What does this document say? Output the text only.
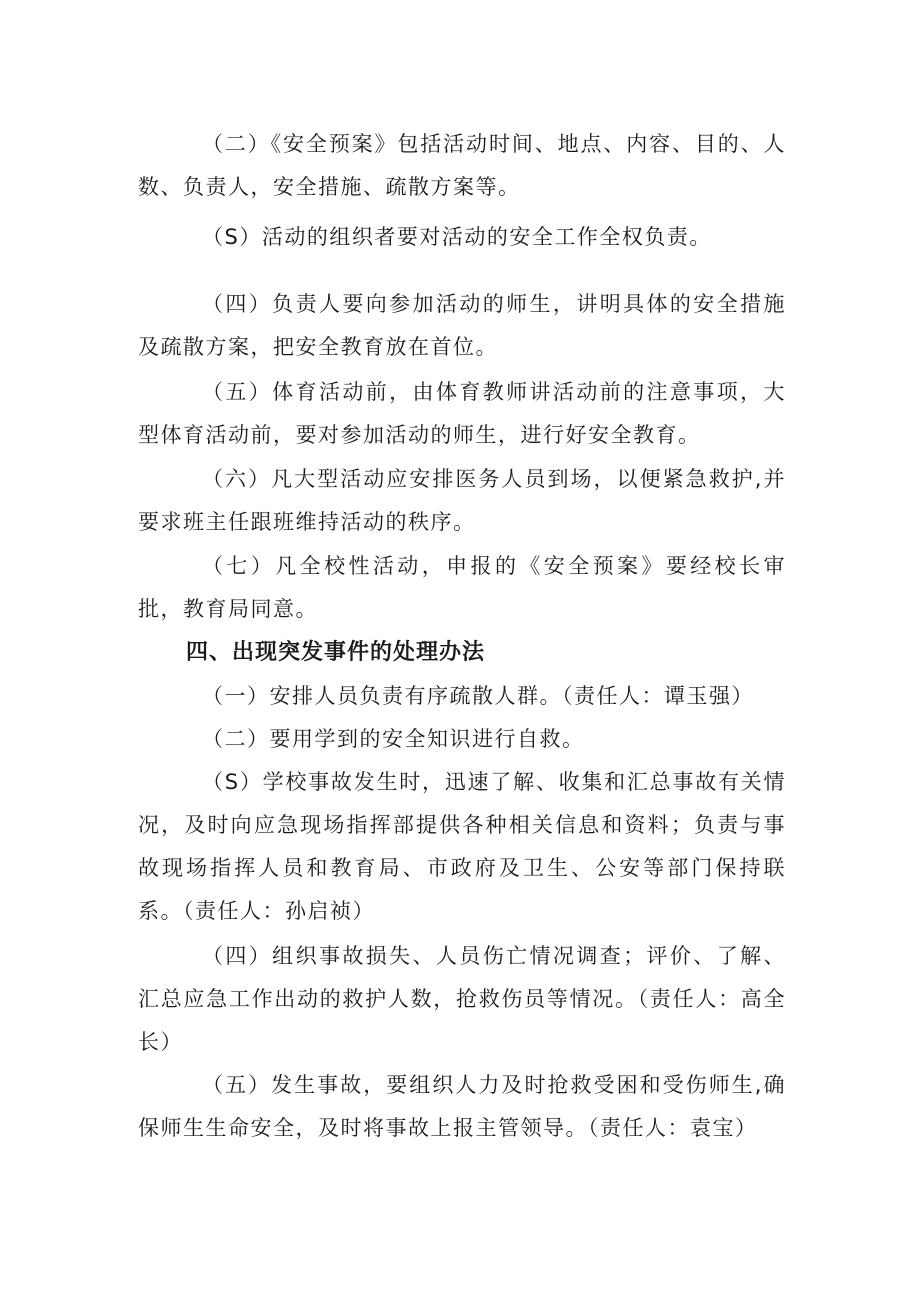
（二）《安全预案》包括活动时间、地点、内容、目的、人数、负责人，安全措施、疏散方案等。

（S）活动的组织者要对活动的安全工作全权负责。

（四）负责人要向参加活动的师生，讲明具体的安全措施及疏散方案，把安全教育放在首位。

（五）体育活动前，由体育教师讲活动前的注意事项，大型体育活动前，要对参加活动的师生，进行好安全教育。

（六）凡大型活动应安排医务人员到场，以便紧急救护,并要求班主任跟班维持活动的秩序。

（七）凡全校性活动，申报的《安全预案》要经校长审批，教育局同意。

四、出现突发事件的处理办法

（一）安排人员负责有序疏散人群。（责任人：谭玉强）

（二）要用学到的安全知识进行自救。

（S）学校事故发生时，迅速了解、收集和汇总事故有关情况，及时向应急现场指挥部提供各种相关信息和资料；负责与事故现场指挥人员和教育局、市政府及卫生、公安等部门保持联系。（责任人：孙启祯）

（四）组织事故损失、人员伤亡情况调查；评价、了解、汇总应急工作出动的救护人数，抢救伤员等情况。（责任人：高全长）

（五）发生事故，要组织人力及时抢救受困和受伤师生,确保师生生命安全，及时将事故上报主管领导。（责任人：袁宝）
